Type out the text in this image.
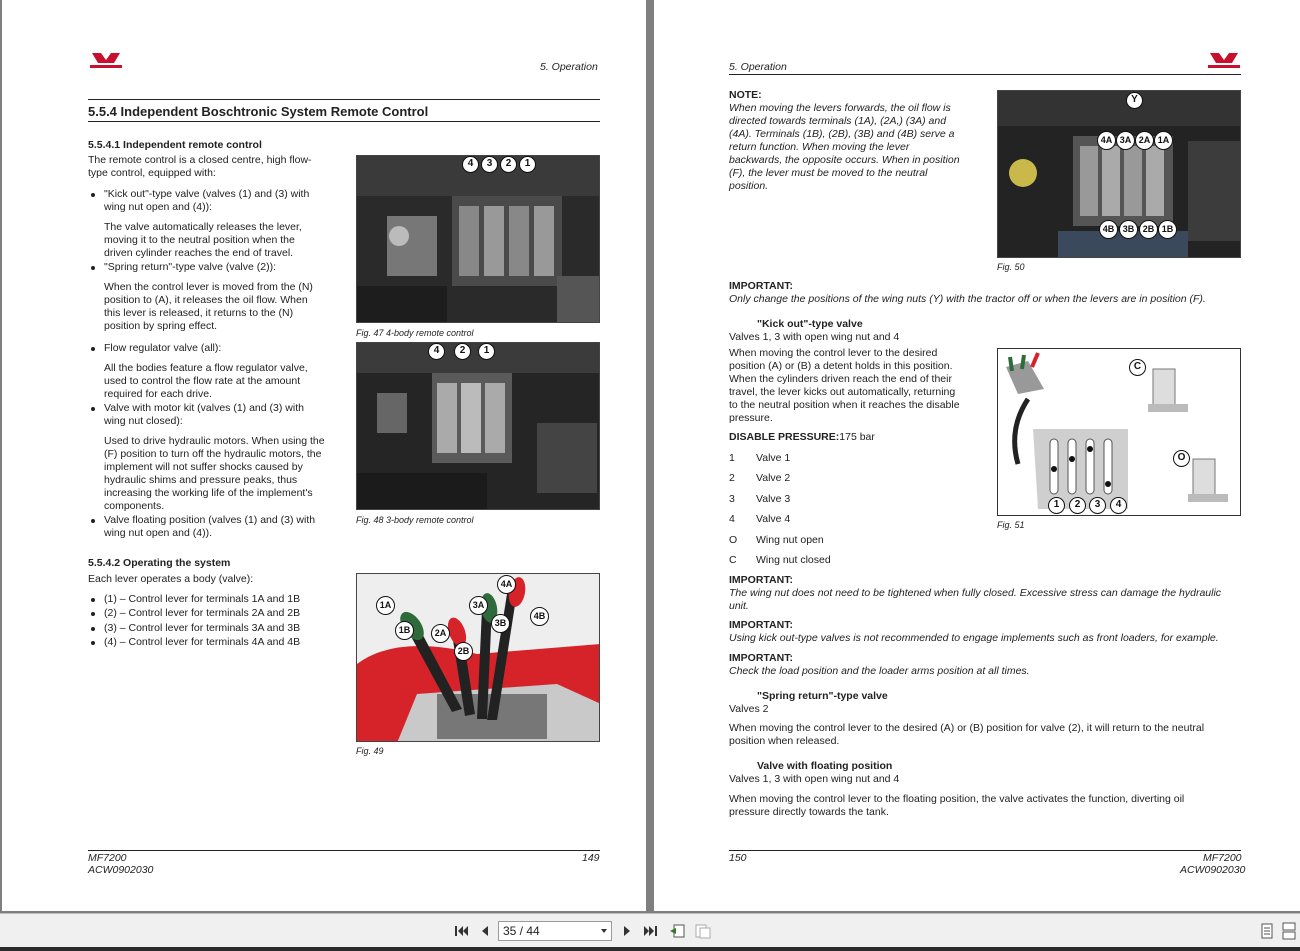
5. Operation
5.5.4 Independent Boschtronic System Remote Control
5.5.4.1 Independent remote control
The remote control is a closed centre, high flow-
type control, equipped with:
"Kick out"-type valve (valves (1) and (3) with
wing nut open and (4)):
The valve automatically releases the lever,
moving it to the neutral position when the
driven cylinder reaches the end of travel.
"Spring return"-type valve (valve (2)):
When the control lever is moved from the (N)
position to (A), it releases the oil flow. When
this lever is released, it returns to the (N)
position by spring effect.
Flow regulator valve (all):
All the bodies feature a flow regulator valve,
used to control the flow rate at the amount
required for each drive.
Valve with motor kit (valves (1) and (3) with
wing nut closed):
Used to drive hydraulic motors. When using the
(F) position to turn off the hydraulic motors, the
implement will not suffer shocks caused by
hydraulic shims and pressure peaks, thus
increasing the working life of the implement's
components.
Valve floating position (valves (1) and (3) with
wing nut open and (4)).
5.5.4.2 Operating the system
Each lever operates a body (valve):
(1) – Control lever for terminals 1A and 1B
(2) – Control lever for terminals 2A and 2B
(3) – Control lever for terminals 3A and 3B
(4) – Control lever for terminals 4A and 4B
4	3	2	1
Fig. 47 4-body remote control
4	2	1
Fig. 48 3-body remote control
1A
1B	2A
2B
3A
3B
4A
4B
Fig. 49
MF7200
ACW0902030
149
5. Operation
NOTE:
When moving the levers forwards, the oil flow is
directed towards terminals (1A), (2A,) (3A) and
(4A). Terminals (1B), (2B), (3B) and (4B) serve a
return function. When moving the lever
backwards, the opposite occurs. When in position
(F), the lever must be moved to the neutral
position.
Y
4A 3A 2A 1A
4B 3B 2B 1B
Fig. 50
IMPORTANT:
Only change the positions of the wing nuts (Y) with the tractor off or when the levers are in position (F).
"Kick out"-type valve
Valves 1, 3 with open wing nut and 4
When moving the control lever to the desired
position (A) or (B) a detent holds in this position.
When the cylinders driven reach the end of their
travel, the lever kicks out automatically, returning
to the neutral position when it reaches the disable
pressure.
DISABLE PRESSURE:175 bar
1 Valve 1
2 Valve 2
3 Valve 3
4 Valve 4
O Wing nut open
C Wing nut closed
C
O
1	2	3	4
Fig. 51
IMPORTANT:
The wing nut does not need to be tightened when fully closed. Excessive stress can damage the hydraulic
unit.
IMPORTANT:
Using kick out-type valves is not recommended to engage implements such as front loaders, for example.
IMPORTANT:
Check the load position and the loader arms position at all times.
"Spring return"-type valve
Valves 2
When moving the control lever to the desired (A) or (B) position for valve (2), it will return to the neutral
position when released.
Valve with floating position
Valves 1, 3 with open wing nut and 4
When moving the control lever to the floating position, the valve activates the function, diverting oil
pressure directly towards the tank.
150	MF7200
ACW0902030
35 / 44
